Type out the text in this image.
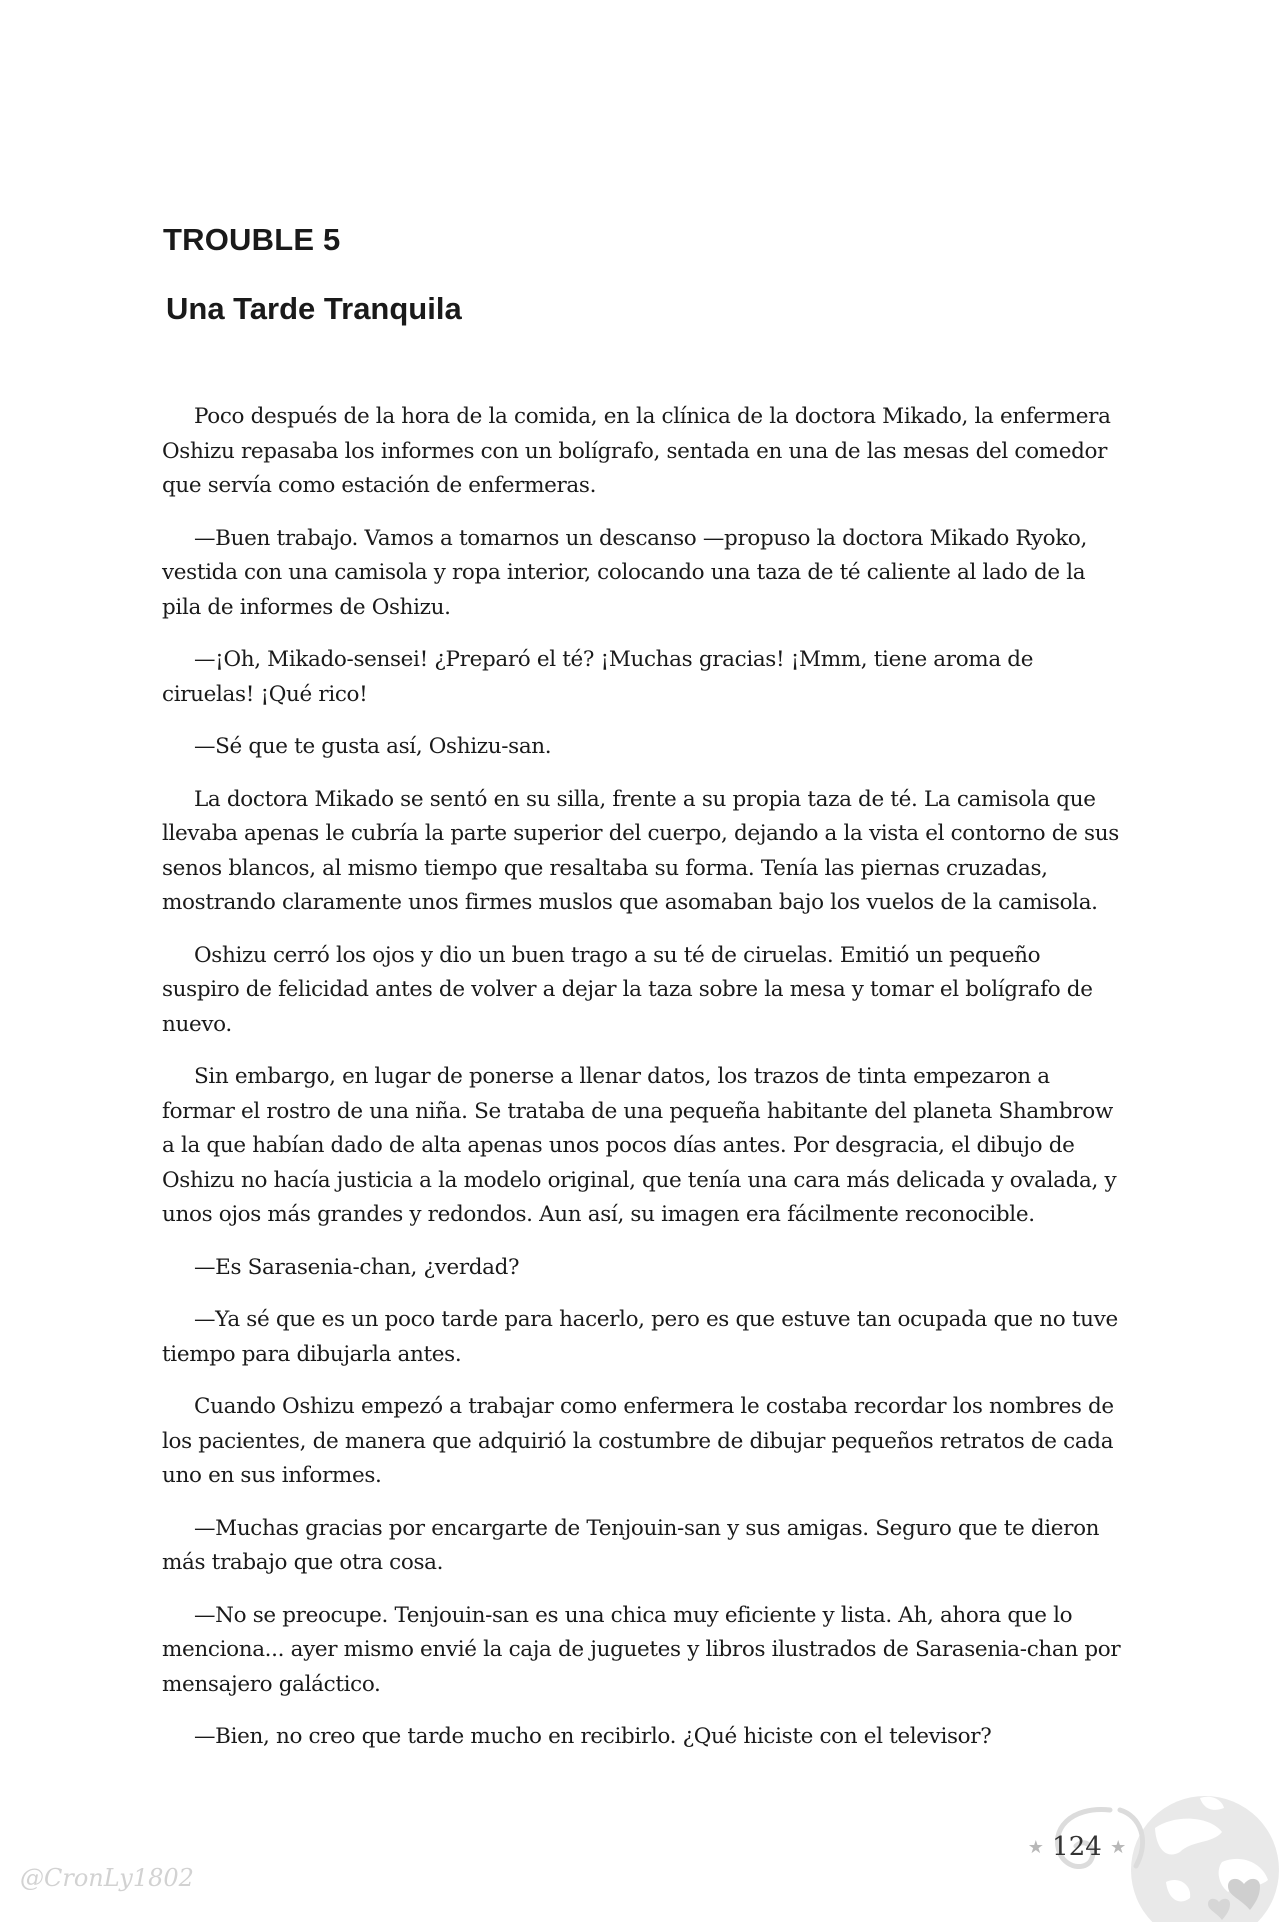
TROUBLE 5
Una Tarde Tranquila

Poco después de la hora de la comida, en la clínica de la doctora Mikado, la enfermera Oshizu repasaba los informes con un bolígrafo, sentada en una de las mesas del comedor que servía como estación de enfermeras.

—Buen trabajo. Vamos a tomarnos un descanso —propuso la doctora Mikado Ryoko, vestida con una camisola y ropa interior, colocando una taza de té caliente al lado de la pila de informes de Oshizu.

—¡Oh, Mikado-sensei! ¿Preparó el té? ¡Muchas gracias! ¡Mmm, tiene aroma de ciruelas! ¡Qué rico!

—Sé que te gusta así, Oshizu-san.

La doctora Mikado se sentó en su silla, frente a su propia taza de té. La camisola que llevaba apenas le cubría la parte superior del cuerpo, dejando a la vista el contorno de sus senos blancos, al mismo tiempo que resaltaba su forma. Tenía las piernas cruzadas, mostrando claramente unos firmes muslos que asomaban bajo los vuelos de la camisola.

Oshizu cerró los ojos y dio un buen trago a su té de ciruelas. Emitió un pequeño suspiro de felicidad antes de volver a dejar la taza sobre la mesa y tomar el bolígrafo de nuevo.

Sin embargo, en lugar de ponerse a llenar datos, los trazos de tinta empezaron a formar el rostro de una niña. Se trataba de una pequeña habitante del planeta Shambrow a la que habían dado de alta apenas unos pocos días antes. Por desgracia, el dibujo de Oshizu no hacía justicia a la modelo original, que tenía una cara más delicada y ovalada, y unos ojos más grandes y redondos. Aun así, su imagen era fácilmente reconocible.

—Es Sarasenia-chan, ¿verdad?

—Ya sé que es un poco tarde para hacerlo, pero es que estuve tan ocupada que no tuve tiempo para dibujarla antes.

Cuando Oshizu empezó a trabajar como enfermera le costaba recordar los nombres de los pacientes, de manera que adquirió la costumbre de dibujar pequeños retratos de cada uno en sus informes.

—Muchas gracias por encargarte de Tenjouin-san y sus amigas. Seguro que te dieron más trabajo que otra cosa.

—No se preocupe. Tenjouin-san es una chica muy eficiente y lista. Ah, ahora que lo menciona... ayer mismo envié la caja de juguetes y libros ilustrados de Sarasenia-chan por mensajero galáctico.

—Bien, no creo que tarde mucho en recibirlo. ¿Qué hiciste con el televisor?

★ 124 ★
@CronLy1802
